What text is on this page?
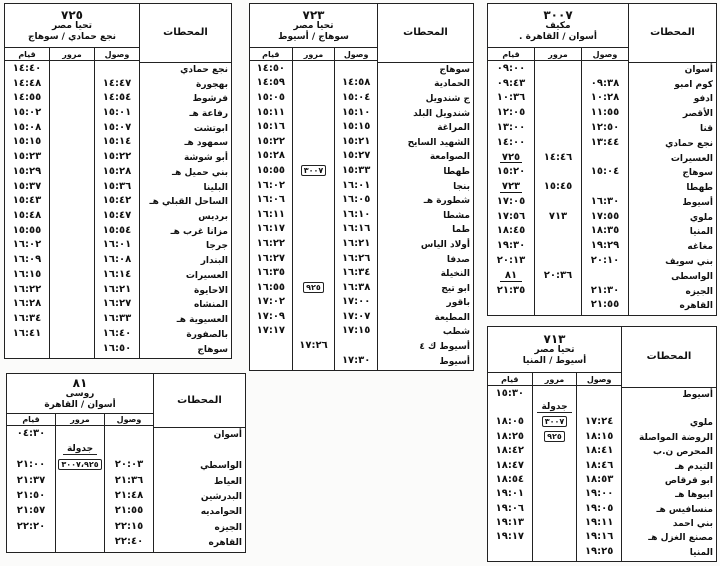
المحطات
أسوان
كوم امبو
ادفو
الأقصر
قنا
نجع حمادي
العسيرات
سوهاج
طهطا
أسيوط
ملوي
المنيا
مغاغه
بني سويف
الواسطى
الجيزه
القاهره
٣٠٠٧
مكيف
أسوان / القاهرة .
وصول
مرور
قيام
٠٩:٣٨
١٠:٢٨
١١:٥٥
١٢:٥٠
١٣:٤٤
١٥:٠٤
١٦:٣٠
١٧:٥٥
١٨:٣٥
١٩:٢٩
٢٠:١٠
٢١:٣٠
٢١:٥٥
١٤:٤٦
١٥:٤٥
٧١٣
٢٠:٣٦
٠٩:٠٠
٠٩:٤٣
١٠:٣٦
١٢:٠٥
١٣:٠٠
١٤:٠٠
٧٢٥
١٥:٢٠
٧٢٣
١٧:٠٥
١٧:٥٦
١٨:٤٥
١٩:٣٠
٢٠:١٣
٨١
٢١:٣٥
المحطات
سوهاج
الحمادية
ج شندويل
شندويل البلد
المراغة
الشهيد السايح
الصوامعة
طهطا
بنجا
شطورة هـ
مشطا
طما
أولاد الياس
صدفا
النخيلة
ابو تيج
باقور
المطيعة
شطب
أسيوط ك ٤
أسيوط
٧٢٣
تحيا مصر
سوهاج / أسيوط
وصول
مرور
قيام
١٤:٥٨
١٥:٠٤
١٥:١٠
١٥:١٥
١٥:٢١
١٥:٢٧
١٥:٣٣
١٦:٠١
١٦:٠٥
١٦:١٠
١٦:١٦
١٦:٢١
١٦:٢٦
١٦:٣٤
١٦:٣٨
١٧:٠٠
١٧:٠٧
١٧:١٥
١٧:٣٠
٣٠٠٧
٩٢٥
١٧:٢٦
١٤:٥٠
١٤:٥٩
١٥:٠٥
١٥:١١
١٥:١٦
١٥:٢٢
١٥:٢٨
١٥:٥٥
١٦:٠٢
١٦:٠٦
١٦:١١
١٦:١٧
١٦:٢٢
١٦:٢٧
١٦:٣٥
١٦:٥٥
١٧:٠٢
١٧:٠٩
١٧:١٧
المحطات
نجع حمادي
بهجورة
فرشوط
رفاعة هـ
ابوتشت
سمهود هـ
أبو شوشة
بني حميل هـ
البلينا
الساحل القبلي هـ
برديس
مزانا غرب هـ
جرجا
البندار
العسيرات
الاحايوة
المنشاه
العسيوية هـ
بالصفورة
سوهاج
٧٢٥
تحيا مصر
نجع حمادي / سوهاج
وصول
مرور
قيام
١٤:٤٧
١٤:٥٤
١٥:٠١
١٥:٠٧
١٥:١٤
١٥:٢٢
١٥:٢٨
١٥:٣٦
١٥:٤٢
١٥:٤٧
١٥:٥٤
١٦:٠١
١٦:٠٨
١٦:١٤
١٦:٢١
١٦:٢٧
١٦:٣٣
١٦:٤٠
١٦:٥٠
١٤:٤٠
١٤:٤٨
١٤:٥٥
١٥:٠٢
١٥:٠٨
١٥:١٥
١٥:٢٣
١٥:٢٩
١٥:٣٧
١٥:٤٣
١٥:٤٨
١٥:٥٥
١٦:٠٢
١٦:٠٩
١٦:١٥
١٦:٢٢
١٦:٢٨
١٦:٣٤
١٦:٤١
المحطات
أسيوط
ملوي
الروضة المواصلة
المحرص ن.ب
التيدم هـ
ابو قرقاص
ابيوها هـ
منسافيس هـ
بني احمد
مصنع الغزل هـ
المنيا
٧١٣
تحيا مصر
أسيوط / المنيا
وصول
مرور
قيام
١٧:٢٤
١٨:١٥
١٨:٤١
١٨:٤٦
١٨:٥٣
١٩:٠٠
١٩:٠٥
١٩:١١
١٩:١٦
١٩:٢٥
جدولة
٣٠٠٧
٩٢٥
١٥:٣٠
١٨:٠٥
١٨:٢٥
١٨:٤٢
١٨:٤٧
١٨:٥٤
١٩:٠١
١٩:٠٦
١٩:١٣
١٩:١٧
المحطات
أسوان
الواسطي
العياط
البدرشين
الحوامديه
الجيزه
القاهره
٨١
روسى
أسوان / القاهرة
وصول
مرور
قيام
٢٠:٠٣
٢١:٣٦
٢١:٤٨
٢١:٥٥
٢٢:١٥
٢٢:٤٠
جدولة
٣٠٠٧،٩٢٥
٠٤:٣٠
٢١:٠٠
٢١:٣٧
٢١:٥٠
٢١:٥٧
٢٢:٢٠
